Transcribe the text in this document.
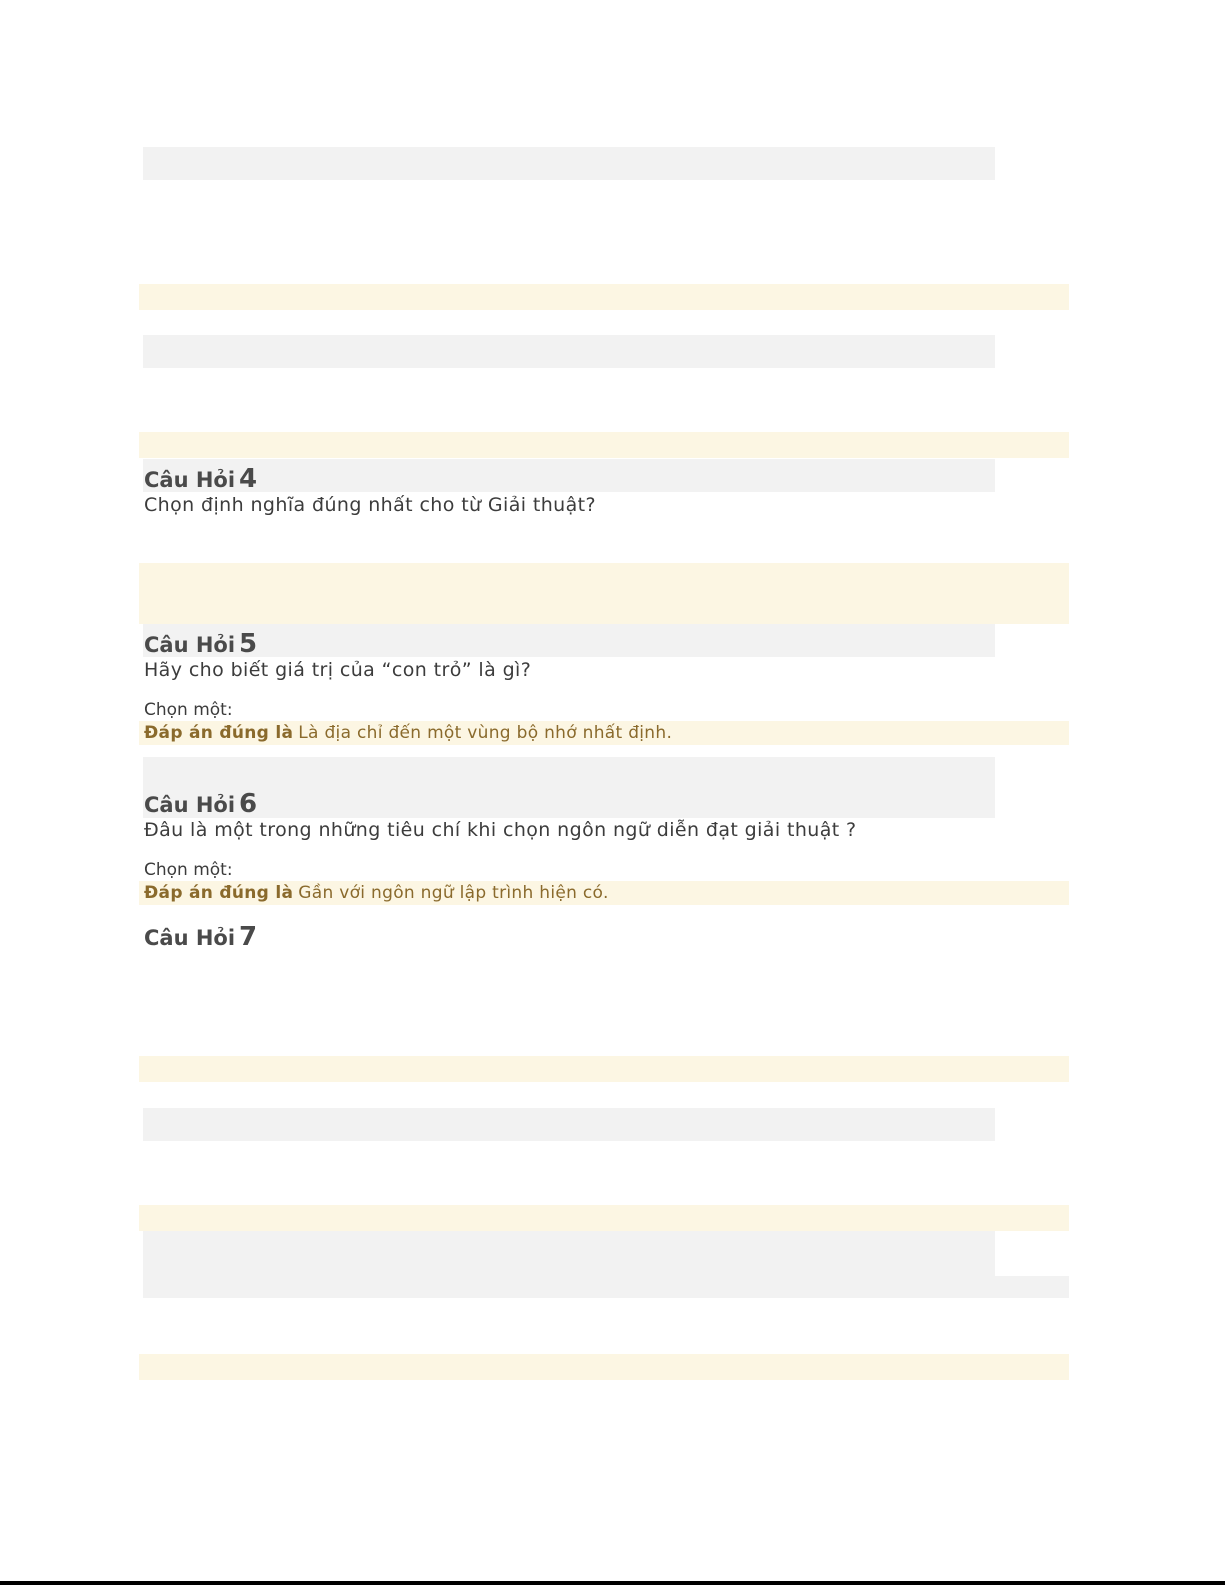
Câu Hỏi 4
Chọn định nghĩa đúng nhất cho từ Giải thuật?
Câu Hỏi 5
Hãy cho biết giá trị của “con trỏ” là gì?
Chọn một:
Đáp án đúng là Là địa chỉ đến một vùng bộ nhớ nhất định.
Câu Hỏi 6
Đâu là một trong những tiêu chí khi chọn ngôn ngữ diễn đạt giải thuật ?
Chọn một:
Đáp án đúng là Gần với ngôn ngữ lập trình hiện có.
Câu Hỏi 7
